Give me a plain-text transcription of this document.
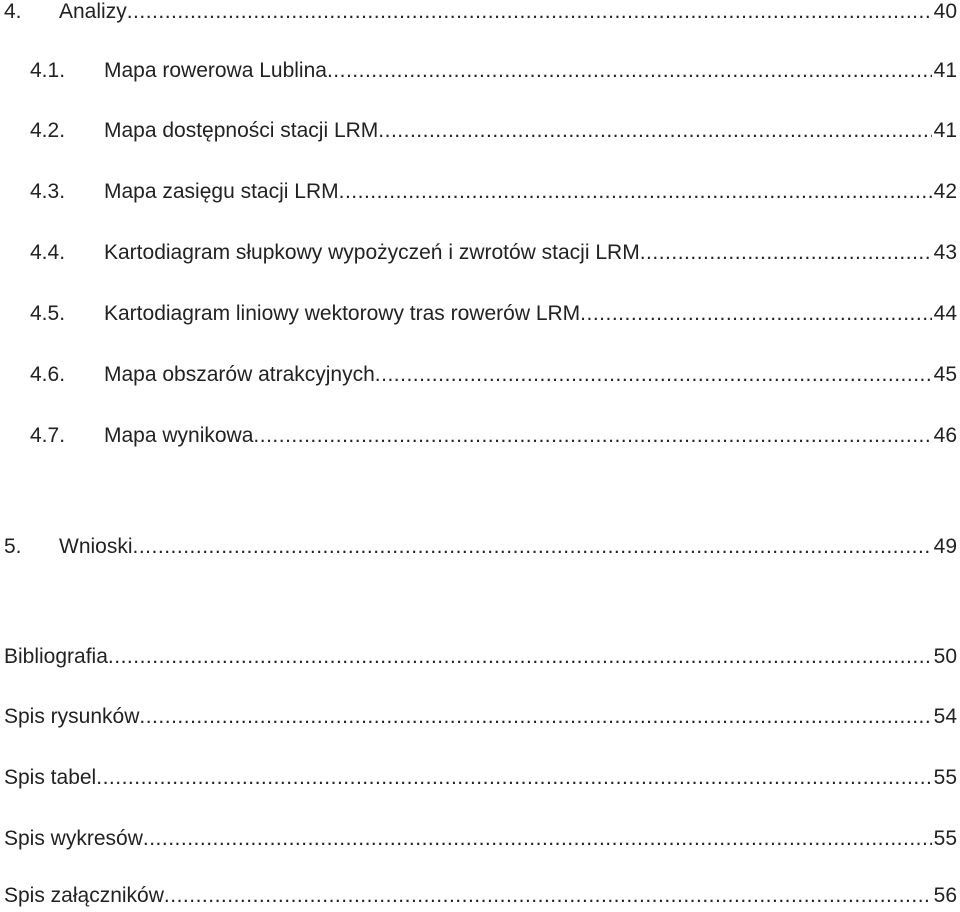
4.	Analizy .....	40
4.1.	Mapa rowerowa Lublina .....	41
4.2.	Mapa dostępności stacji LRM .....	41
4.3.	Mapa zasięgu stacji LRM .....	42
4.4.	Kartodiagram słupkowy wypożyczeń i zwrotów stacji LRM .....	43
4.5.	Kartodiagram liniowy wektorowy tras rowerów LRM .....	44
4.6.	Mapa obszarów atrakcyjnych .....	45
4.7.	Mapa wynikowa .....	46
5.	Wnioski .....	49
Bibliografia .....	50
Spis rysunków .....	54
Spis tabel .....	55
Spis wykresów .....	55
Spis załączników .....	56
